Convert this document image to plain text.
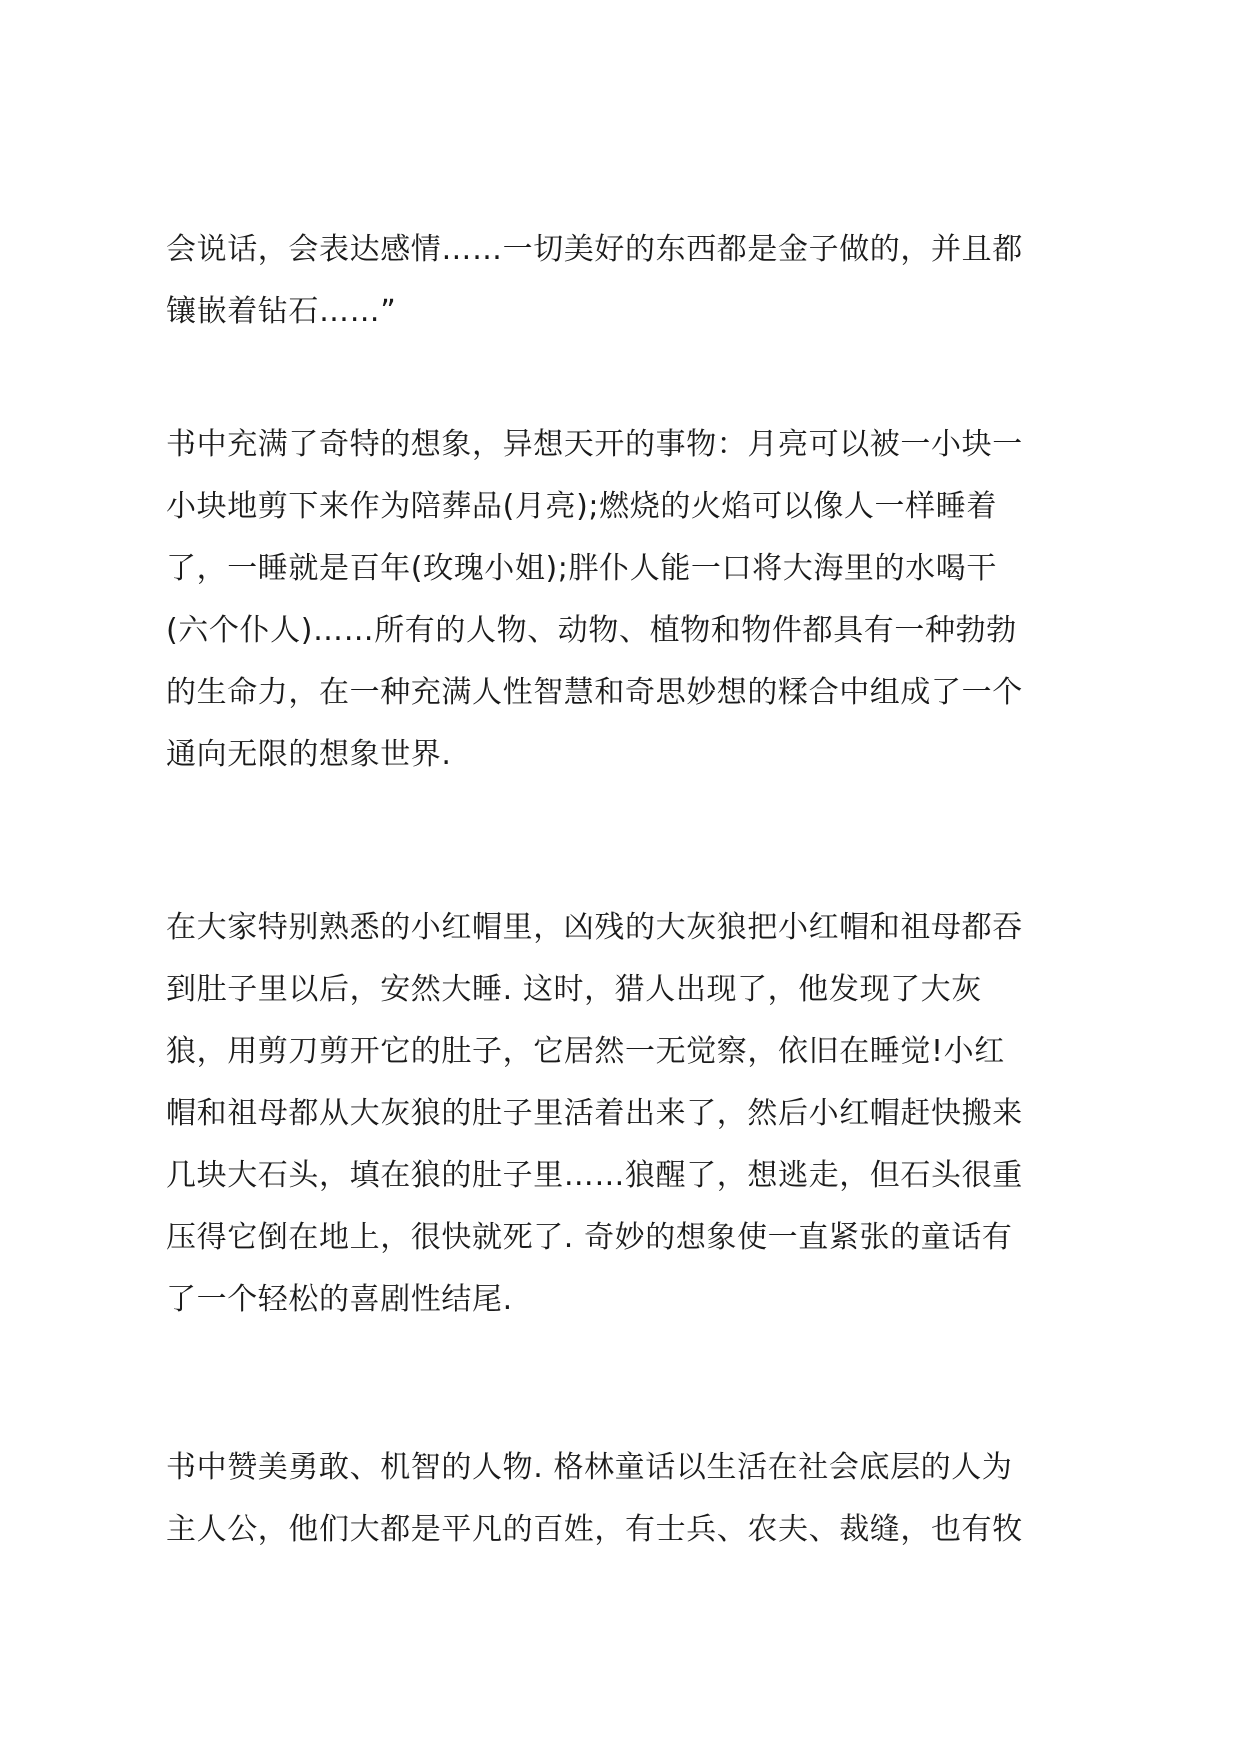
会说话，会表达感情……一切美好的东西都是金子做的，并且都
镶嵌着钻石……”

书中充满了奇特的想象，异想天开的事物：月亮可以被一小块一
小块地剪下来作为陪葬品(月亮);燃烧的火焰可以像人一样睡着
了，一睡就是百年(玫瑰小姐);胖仆人能一口将大海里的水喝干
(六个仆人)……所有的人物、动物、植物和物件都具有一种勃勃
的生命力，在一种充满人性智慧和奇思妙想的糅合中组成了一个
通向无限的想象世界.

在大家特别熟悉的小红帽里，凶残的大灰狼把小红帽和祖母都吞
到肚子里以后，安然大睡. 这时，猎人出现了，他发现了大灰
狼，用剪刀剪开它的肚子，它居然一无觉察，依旧在睡觉!小红
帽和祖母都从大灰狼的肚子里活着出来了，然后小红帽赶快搬来
几块大石头，填在狼的肚子里……狼醒了，想逃走，但石头很重
压得它倒在地上，很快就死了. 奇妙的想象使一直紧张的童话有
了一个轻松的喜剧性结尾.

书中赞美勇敢、机智的人物. 格林童话以生活在社会底层的人为
主人公，他们大都是平凡的百姓，有士兵、农夫、裁缝，也有牧
